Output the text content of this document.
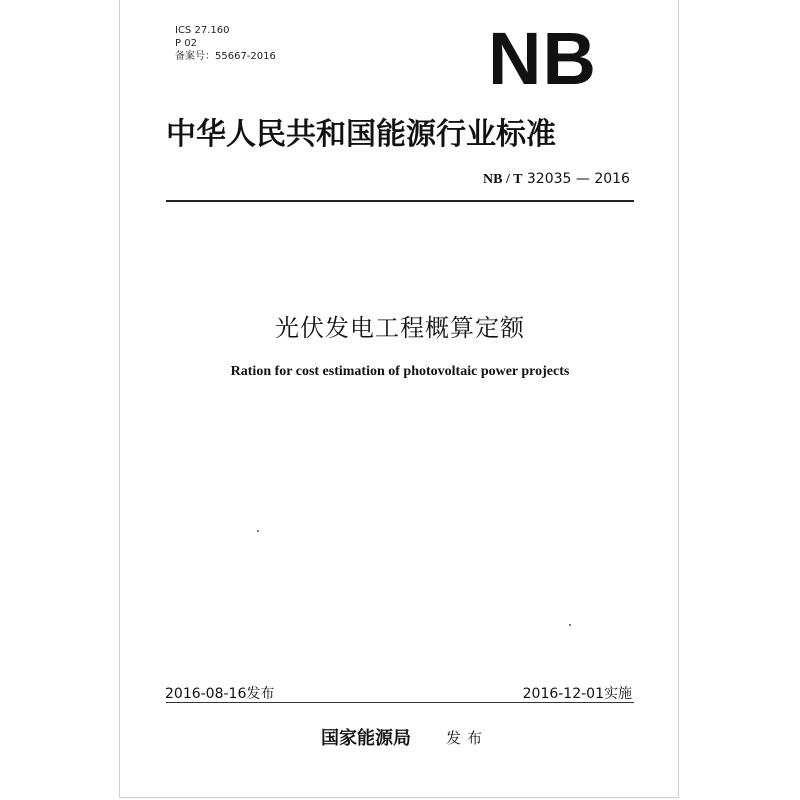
ICS 27.160
P 02
备案号：55667-2016	NB
中华人民共和国能源行业标准
NB / T 32035 — 2016
光伏发电工程概算定额
Ration for cost estimation of photovoltaic power projects
2016-08-16发布	2016-12-01实施
国家能源局 发布
